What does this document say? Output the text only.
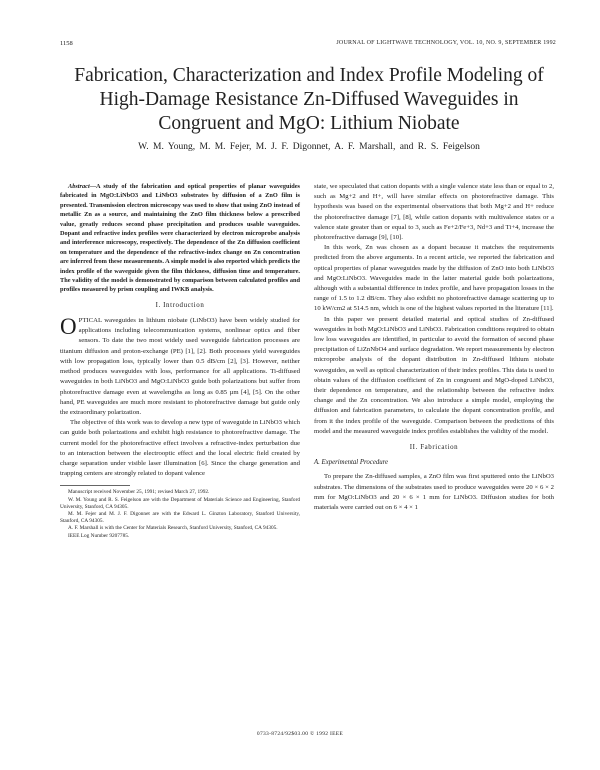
1158	JOURNAL OF LIGHTWAVE TECHNOLOGY, VOL. 10, NO. 9, SEPTEMBER 1992
Fabrication, Characterization and Index Profile Modeling of High-Damage Resistance Zn-Diffused Waveguides in Congruent and MgO: Lithium Niobate
W. M. Young, M. M. Fejer, M. J. F. Digonnet, A. F. Marshall, and R. S. Feigelson

Abstract—A study of the fabrication and optical properties of planar waveguides fabricated in MgO:LiNbO3 and LiNbO3 substrates by diffusion of a ZnO film is presented. Transmission electron microscopy was used to show that using ZnO instead of metallic Zn as a source, and maintaining the ZnO film thickness below a prescribed value, greatly reduces second phase precipitation and produces usable waveguides. Dopant and refractive index profiles were characterized by electron microprobe analysis and interference microscopy, respectively. The dependence of the Zn diffusion coefficient on temperature and the dependence of the refractive-index change on Zn concentration are inferred from these measurements. A simple model is also reported which predicts the index profile of the waveguide given the film thickness, diffusion time and temperature. The validity of the model is demonstrated by comparison between calculated profiles and profiles measured by prism coupling and IWKB analysis.

I. Introduction

OPTICAL waveguides in lithium niobate (LiNbO3) have been widely studied for applications including telecommunication systems, nonlinear optics and fiber sensors. To date the two most widely used waveguide fabrication processes are titanium diffusion and proton-exchange (PE) [1], [2]. Both processes yield waveguides with low propagation loss, typically lower than 0.5 dB/cm [2], [3]. However, neither method produces waveguides with loss, performance for all applications. Ti-diffused waveguides in both LiNbO3 and MgO:LiNbO3 guide both polarizations but suffer from photorefractive damage even at wavelengths as long as 0.85 µm [4], [5]. On the other hand, PE waveguides are much more resistant to photorefractive damage but guide only the extraordinary polarization.

The objective of this work was to develop a new type of waveguide in LiNbO3 which can guide both polarizations and exhibit high resistance to photorefractive damage. The current model for the photorefractive effect involves a refractive-index perturbation due to an interaction between the electrooptic effect and the local electric field created by charge separation under visible laser illumination [6]. Since the charge generation and trapping centers are strongly related to dopant valence

Manuscript received November 25, 1991; revised March 27, 1992.

W. M. Young and R. S. Feigelson are with the Department of Materials Science and Engineering, Stanford University, Stanford, CA 94305.

M. M. Fejer and M. J. F. Digonnet are with the Edward L. Ginzton Laboratory, Stanford University, Stanford, CA 94305.

A. F. Marshall is with the Center for Materials Research, Stanford University, Stanford, CA 94305.

IEEE Log Number 9207785.

state, we speculated that cation dopants with a single valence state less than or equal to 2, such as Mg+2 and H+, will have similar effects on photorefractive damage. This hypothesis was based on the experimental observations that both Mg+2 and H+ reduce the photorefractive damage [7], [8], while cation dopants with multivalence states or a valence state greater than or equal to 3, such as Fe+2/Fe+3, Nd+3 and Ti+4, increase the photorefractive damage [9], [10].

In this work, Zn was chosen as a dopant because it matches the requirements predicted from the above arguments. In a recent article, we reported the fabrication and optical properties of planar waveguides made by the diffusion of ZnO into both LiNbO3 and MgO:LiNbO3. Waveguides made in the latter material guide both polarizations, although with a substantial difference in index profile, and have propagation losses in the range of 1.5 to 1.2 dB/cm. They also exhibit no photorefractive damage scattering up to 10 kW/cm2 at 514.5 nm, which is one of the highest values reported in the literature [11].

In this paper we present detailed material and optical studies of Zn-diffused waveguides in both MgO:LiNbO3 and LiNbO3. Fabrication conditions required to obtain low loss waveguides are identified, in particular to avoid the formation of second phase precipitation of LiZnNbO4 and surface degradation. We report measurements by electron microprobe analysis of the dopant distribution in Zn-diffused lithium niobate waveguides, as well as optical characterization of their index profiles. This data is used to obtain values of the diffusion coefficient of Zn in congruent and MgO-doped LiNbO3, their dependence on temperature, and the relationship between the refractive index change and the Zn concentration. We also introduce a simple model, employing the diffusion and fabrication parameters, to calculate the dopant concentration profile, and from it the index profile of the waveguide. Comparison between the predictions of this model and the measured waveguide index profiles establishes the validity of the model.

II. Fabrication
A. Experimental Procedure

To prepare the Zn-diffused samples, a ZnO film was first sputtered onto the LiNbO3 substrates. The dimensions of the substrates used to produce waveguides were 20 × 6 × 2 mm for MgO:LiNbO3 and 20 × 6 × 1 mm for LiNbO3. Diffusion studies for both materials were carried out on 6 × 4 × 1

0733-8724/92$03.00 © 1992 IEEE
